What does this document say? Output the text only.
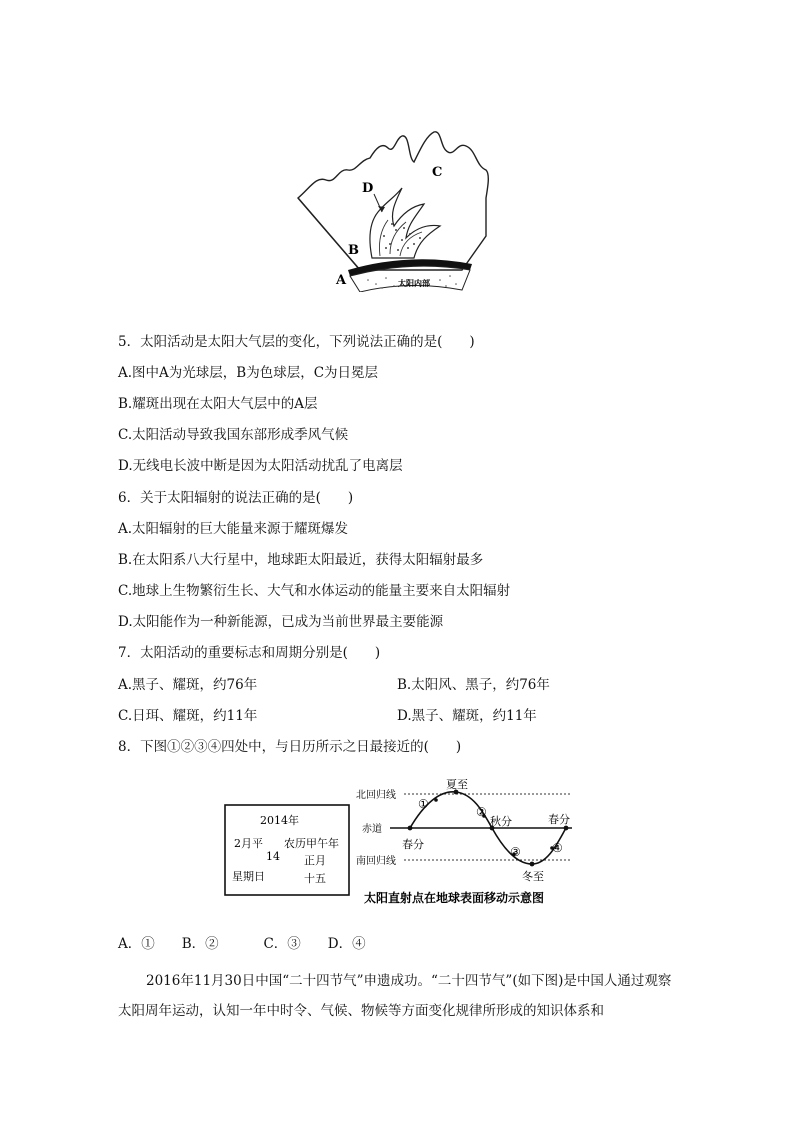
C
D
B
A	太阳内部
5．太阳活动是太阳大气层的变化，下列说法正确的是(　　)
A.图中A为光球层，B为色球层，C为日冕层
B.耀斑出现在太阳大气层中的A层
C.太阳活动导致我国东部形成季风气候
D.无线电长波中断是因为太阳活动扰乱了电离层
6．关于太阳辐射的说法正确的是(　　)
A.太阳辐射的巨大能量来源于耀斑爆发
B.在太阳系八大行星中，地球距太阳最近，获得太阳辐射最多
C.地球上生物繁衍生长、大气和水体运动的能量主要来自太阳辐射
D.太阳能作为一种新能源，已成为当前世界最主要能源
7．太阳活动的重要标志和周期分别是(　　)
A.黑子、耀斑，约76年	B.太阳风、黑子，约76年
C.日珥、耀斑，约11年	D.黑子、耀斑，约11年
8．下图①②③④四处中，与日历所示之日最接近的(　　)
2014年
2月平
14
农历甲午年
正月
星期日	十五
北回归线
赤道
南回归线
夏至
秋分
春分
春分
冬至
①
②
③	④
太阳直射点在地球表面移动示意图
A．①　　B．②　　 　C．③　　D．④

2016年11月30日中国“二十四节气”申遗成功。“二十四节气”(如下图)是中国人通过观察太阳周年运动，认知一年中时令、气候、物候等方面变化规律所形成的知识体系和
